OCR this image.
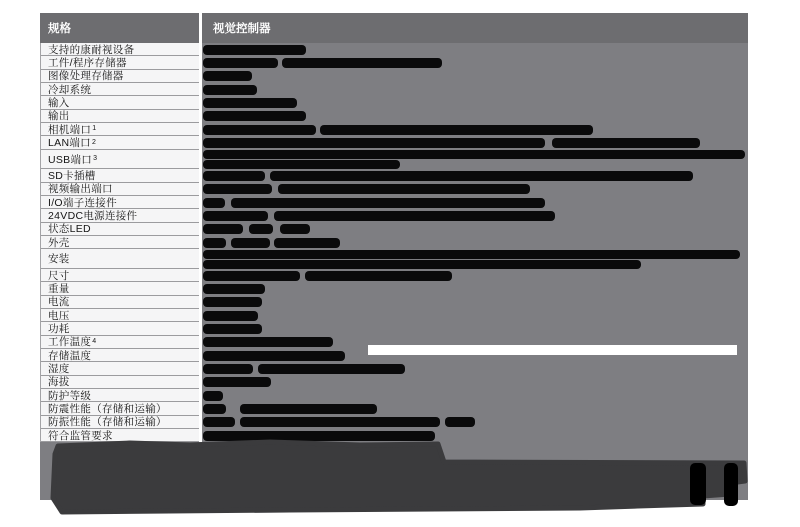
规格	视觉控制器
支持的康耐视设备
工件/程序存储器
图像处理存储器
冷却系统
输入
输出
相机端口 1
LAN端口 2
USB端口 3
SD卡插槽
视频输出端口
I/O端子连接件
24VDC电源连接件
状态LED
外壳
安装
尺寸
重量
电流
电压
功耗
工作温度 4
存储温度
湿度
海拔
防护等级
防震性能（存储和运输）
防振性能（存储和运输）
符合监管要求
